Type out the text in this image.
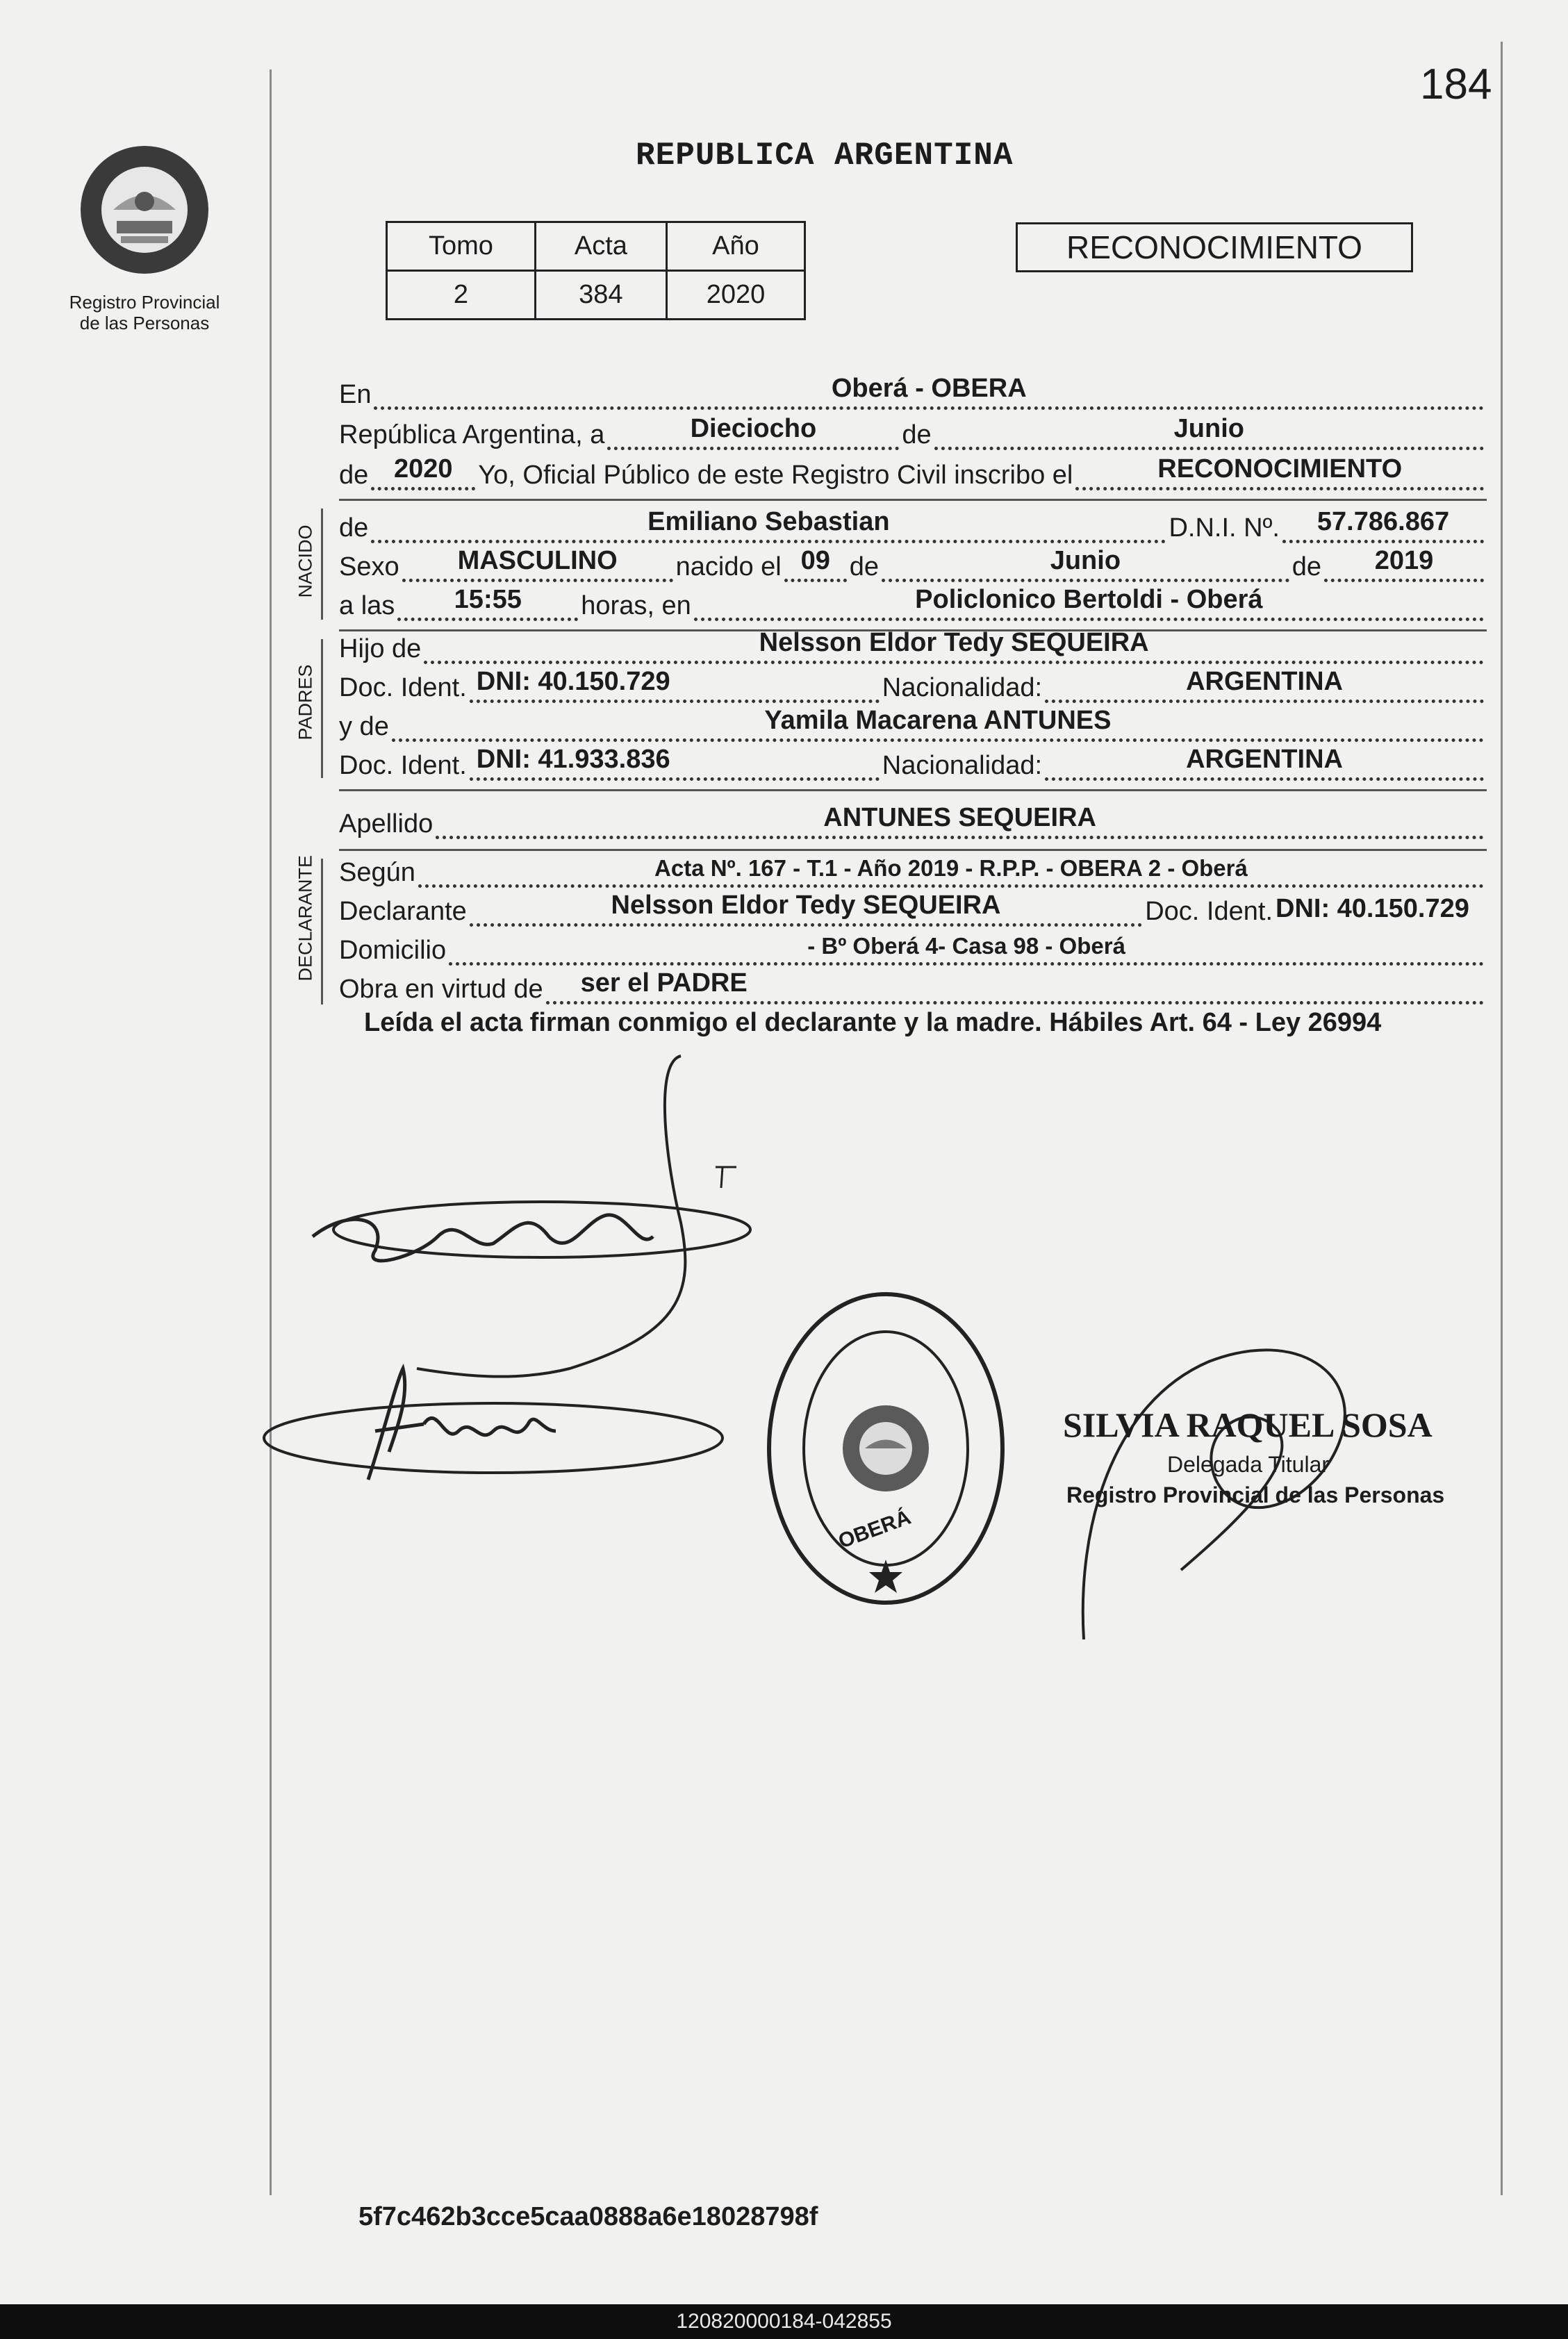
184
Registro Provincial
de las Personas
REPUBLICA ARGENTINA
Tomo	Acta	Año
2	384	2020
RECONOCIMIENTO
En	Oberá - OBERA
República Argentina, a	Dieciocho	de	Junio
de 2020 Yo, Oficial Público de este Registro Civil inscribo el	RECONOCIMIENTO
NACIDO de	Emiliano Sebastian	D.N.I. Nº.	57.786.867
Sexo	MASCULINO	nacido el 09 de	Junio	de	2019
a las	15:55	horas, en	Policlonico Bertoldi - Oberá
PADRES
Hijo de	Nelsson Eldor Tedy SEQUEIRA
Doc. Ident. DNI: 40.150.729	Nacionalidad:	ARGENTINA
y de	Yamila Macarena ANTUNES
Doc. Ident. DNI: 41.933.836	Nacionalidad:	ARGENTINA
Apellido	ANTUNES SEQUEIRA
DECLARANTE Según	Acta Nº. 167 - T.1 - Año 2019 - R.P.P. - OBERA 2 - Oberá
Declarante	Nelsson Eldor Tedy SEQUEIRA	Doc. Ident. DNI: 40.150.729
Domicilio	- Bº Oberá 4- Casa 98 - Oberá
Obra en virtud de	ser el PADRE
Leída el acta firman conmigo el declarante y la madre. Hábiles Art. 64 - Ley 26994
OBERÁ
SILVIA RAQUEL SOSA
Delegada Titular
Registro Provincial de las Personas
5f7c462b3cce5caa0888a6e18028798f
120820000184-042855
